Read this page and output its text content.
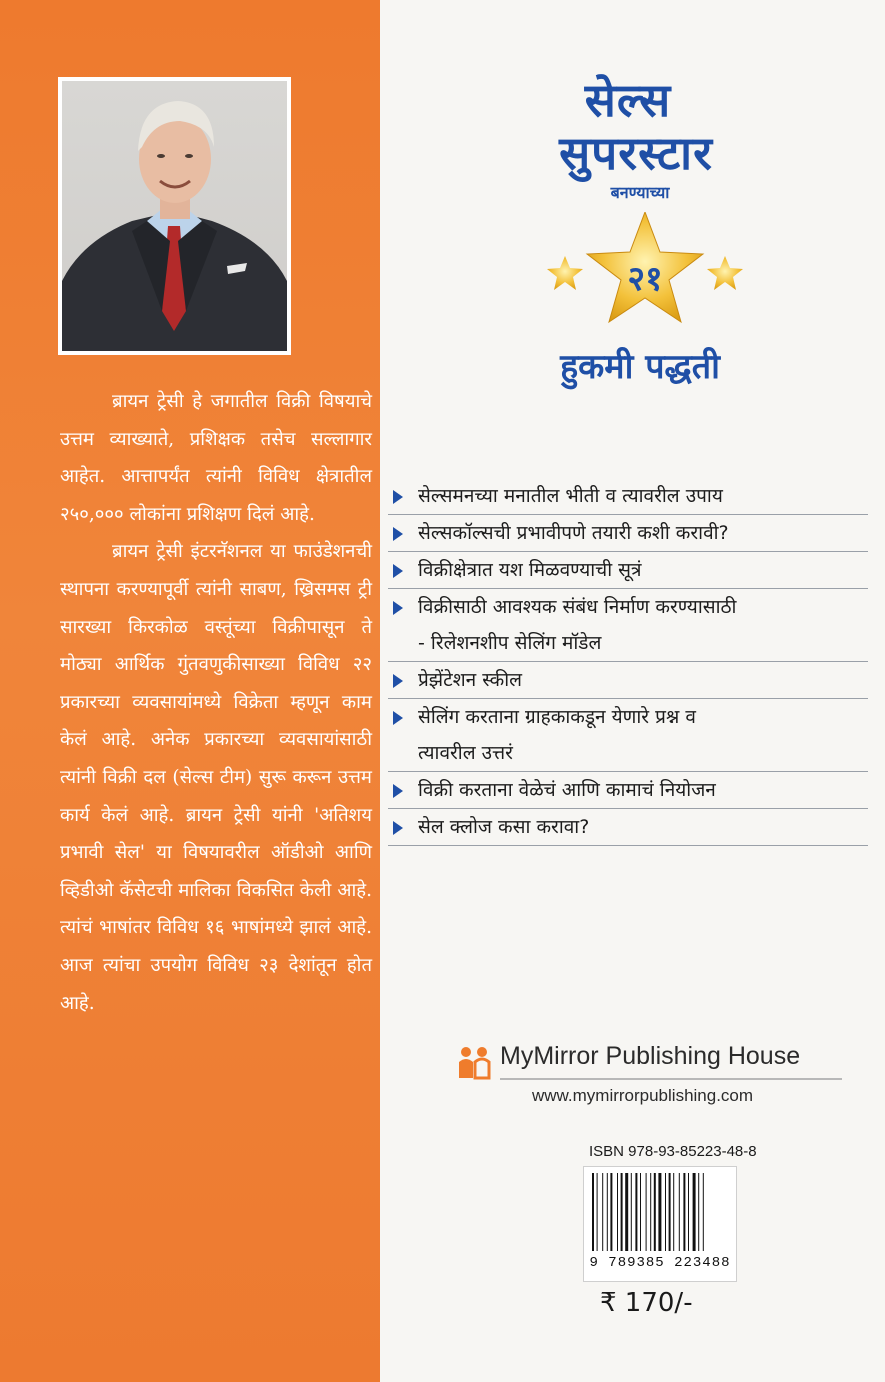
ब्रायन ट्रेसी हे जगातील विक्री विषयाचे उत्तम व्याख्याते, प्रशिक्षक तसेच सल्लागार आहेत. आत्तापर्यंत त्यांनी विविध क्षेत्रातील २५०,००० लोकांना प्रशिक्षण दिलं आहे.

ब्रायन ट्रेसी इंटरनॅशनल या फाउंडेशनची स्थापना करण्यापूर्वी त्यांनी साबण, ख्रिसमस ट्री सारख्या किरकोळ वस्तूंच्या विक्रीपासून ते मोठ्या आर्थिक गुंतवणुकीसाख्या विविध २२ प्रकारच्या व्यवसायांमध्ये विक्रेता म्हणून काम केलं आहे. अनेक प्रकारच्या व्यवसायांसाठी त्यांनी विक्री दल (सेल्स टीम) सुरू करून उत्तम कार्य केलं आहे. ब्रायन ट्रेसी यांनी 'अतिशय प्रभावी सेल' या विषयावरील ऑडीओ आणि व्हिडीओ कॅसेटची मालिका विकसित केली आहे. त्यांचं भाषांतर विविध १६ भाषांमध्ये झालं आहे. आज त्यांचा उपयोग विविध २३ देशांतून होत आहे.

सेल्स
सुपरस्टार
बनण्याच्या
२१
हुकमी पद्धती
सेल्समनच्या मनातील भीती व त्यावरील उपाय
सेल्सकॉल्सची प्रभावीपणे तयारी कशी करावी?
विक्रीक्षेत्रात यश मिळवण्याची सूत्रं
विक्रीसाठी आवश्यक संबंध निर्माण करण्यासाठी
- रिलेशनशीप सेलिंग मॉडेल
प्रेझेंटेशन स्कील
सेलिंग करताना ग्राहकाकडून येणारे प्रश्न व
त्यावरील उत्तरं
विक्री करताना वेळेचं आणि कामाचं नियोजन
सेल क्लोज कसा करावा?
MyMirror Publishing House
www.mymirrorpublishing.com
ISBN 978-93-85223-48-8
9 789385 223488
₹ 170/-
